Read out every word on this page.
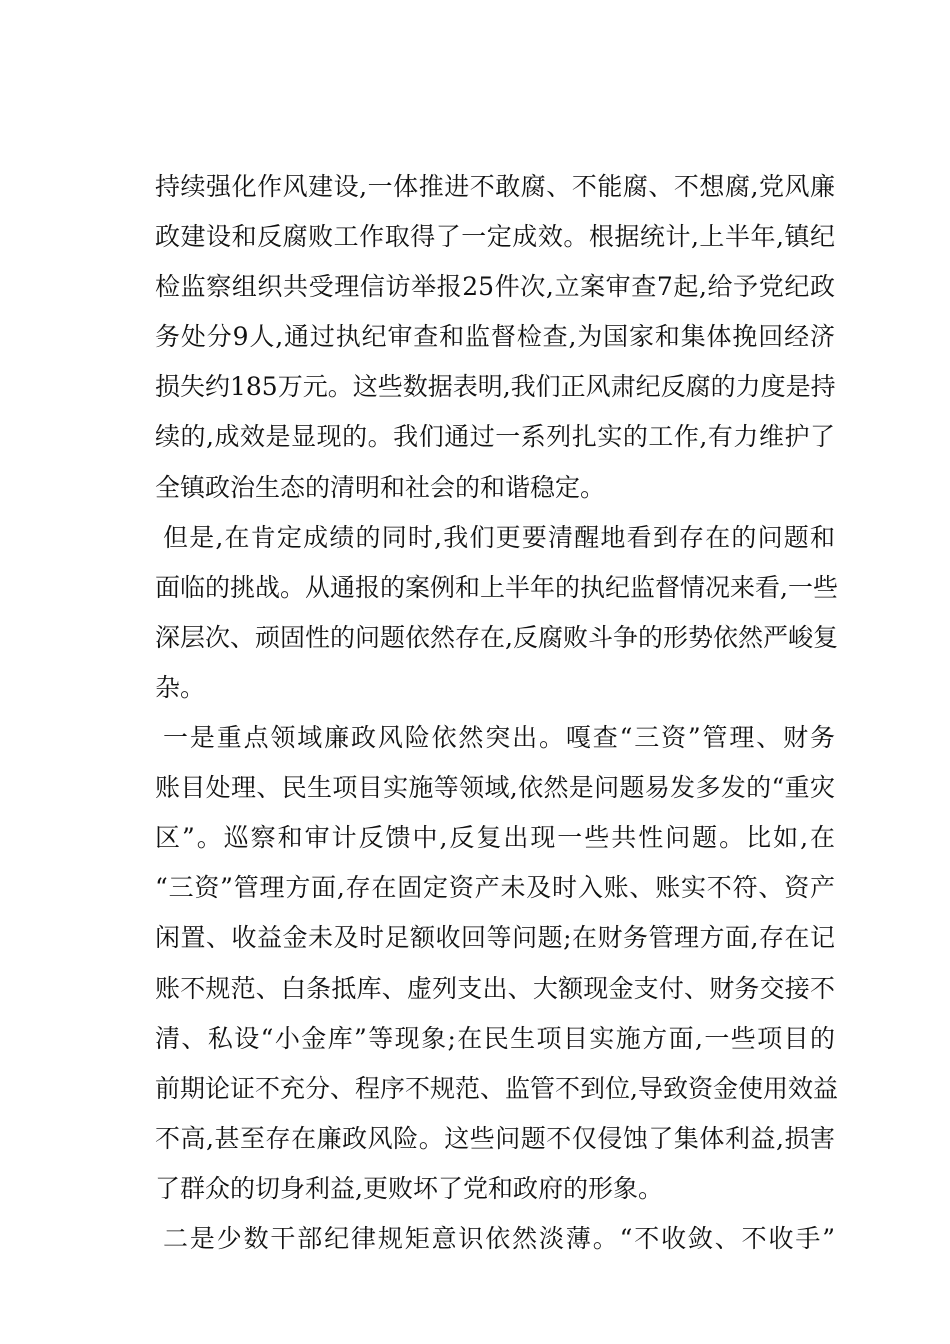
持续强化作风建设,一体推进不敢腐、不能腐、不想腐,党风廉
政建设和反腐败工作取得了一定成效。根据统计,上半年,镇纪
检监察组织共受理信访举报25件次,立案审查7起,给予党纪政
务处分9人,通过执纪审查和监督检查,为国家和集体挽回经济
损失约185万元。这些数据表明,我们正风肃纪反腐的力度是持
续的,成效是显现的。我们通过一系列扎实的工作,有力维护了
全镇政治生态的清明和社会的和谐稳定。
但是,在肯定成绩的同时,我们更要清醒地看到存在的问题和
面临的挑战。从通报的案例和上半年的执纪监督情况来看,一些
深层次、顽固性的问题依然存在,反腐败斗争的形势依然严峻复
杂。
一是重点领域廉政风险依然突出。嘎查“三资”管理、财务
账目处理、民生项目实施等领域,依然是问题易发多发的“重灾
区”。巡察和审计反馈中,反复出现一些共性问题。比如,在
“三资”管理方面,存在固定资产未及时入账、账实不符、资产
闲置、收益金未及时足额收回等问题;在财务管理方面,存在记
账不规范、白条抵库、虚列支出、大额现金支付、财务交接不
清、私设“小金库”等现象;在民生项目实施方面,一些项目的
前期论证不充分、程序不规范、监管不到位,导致资金使用效益
不高,甚至存在廉政风险。这些问题不仅侵蚀了集体利益,损害
了群众的切身利益,更败坏了党和政府的形象。
二是少数干部纪律规矩意识依然淡薄。“不收敛、不收手”
